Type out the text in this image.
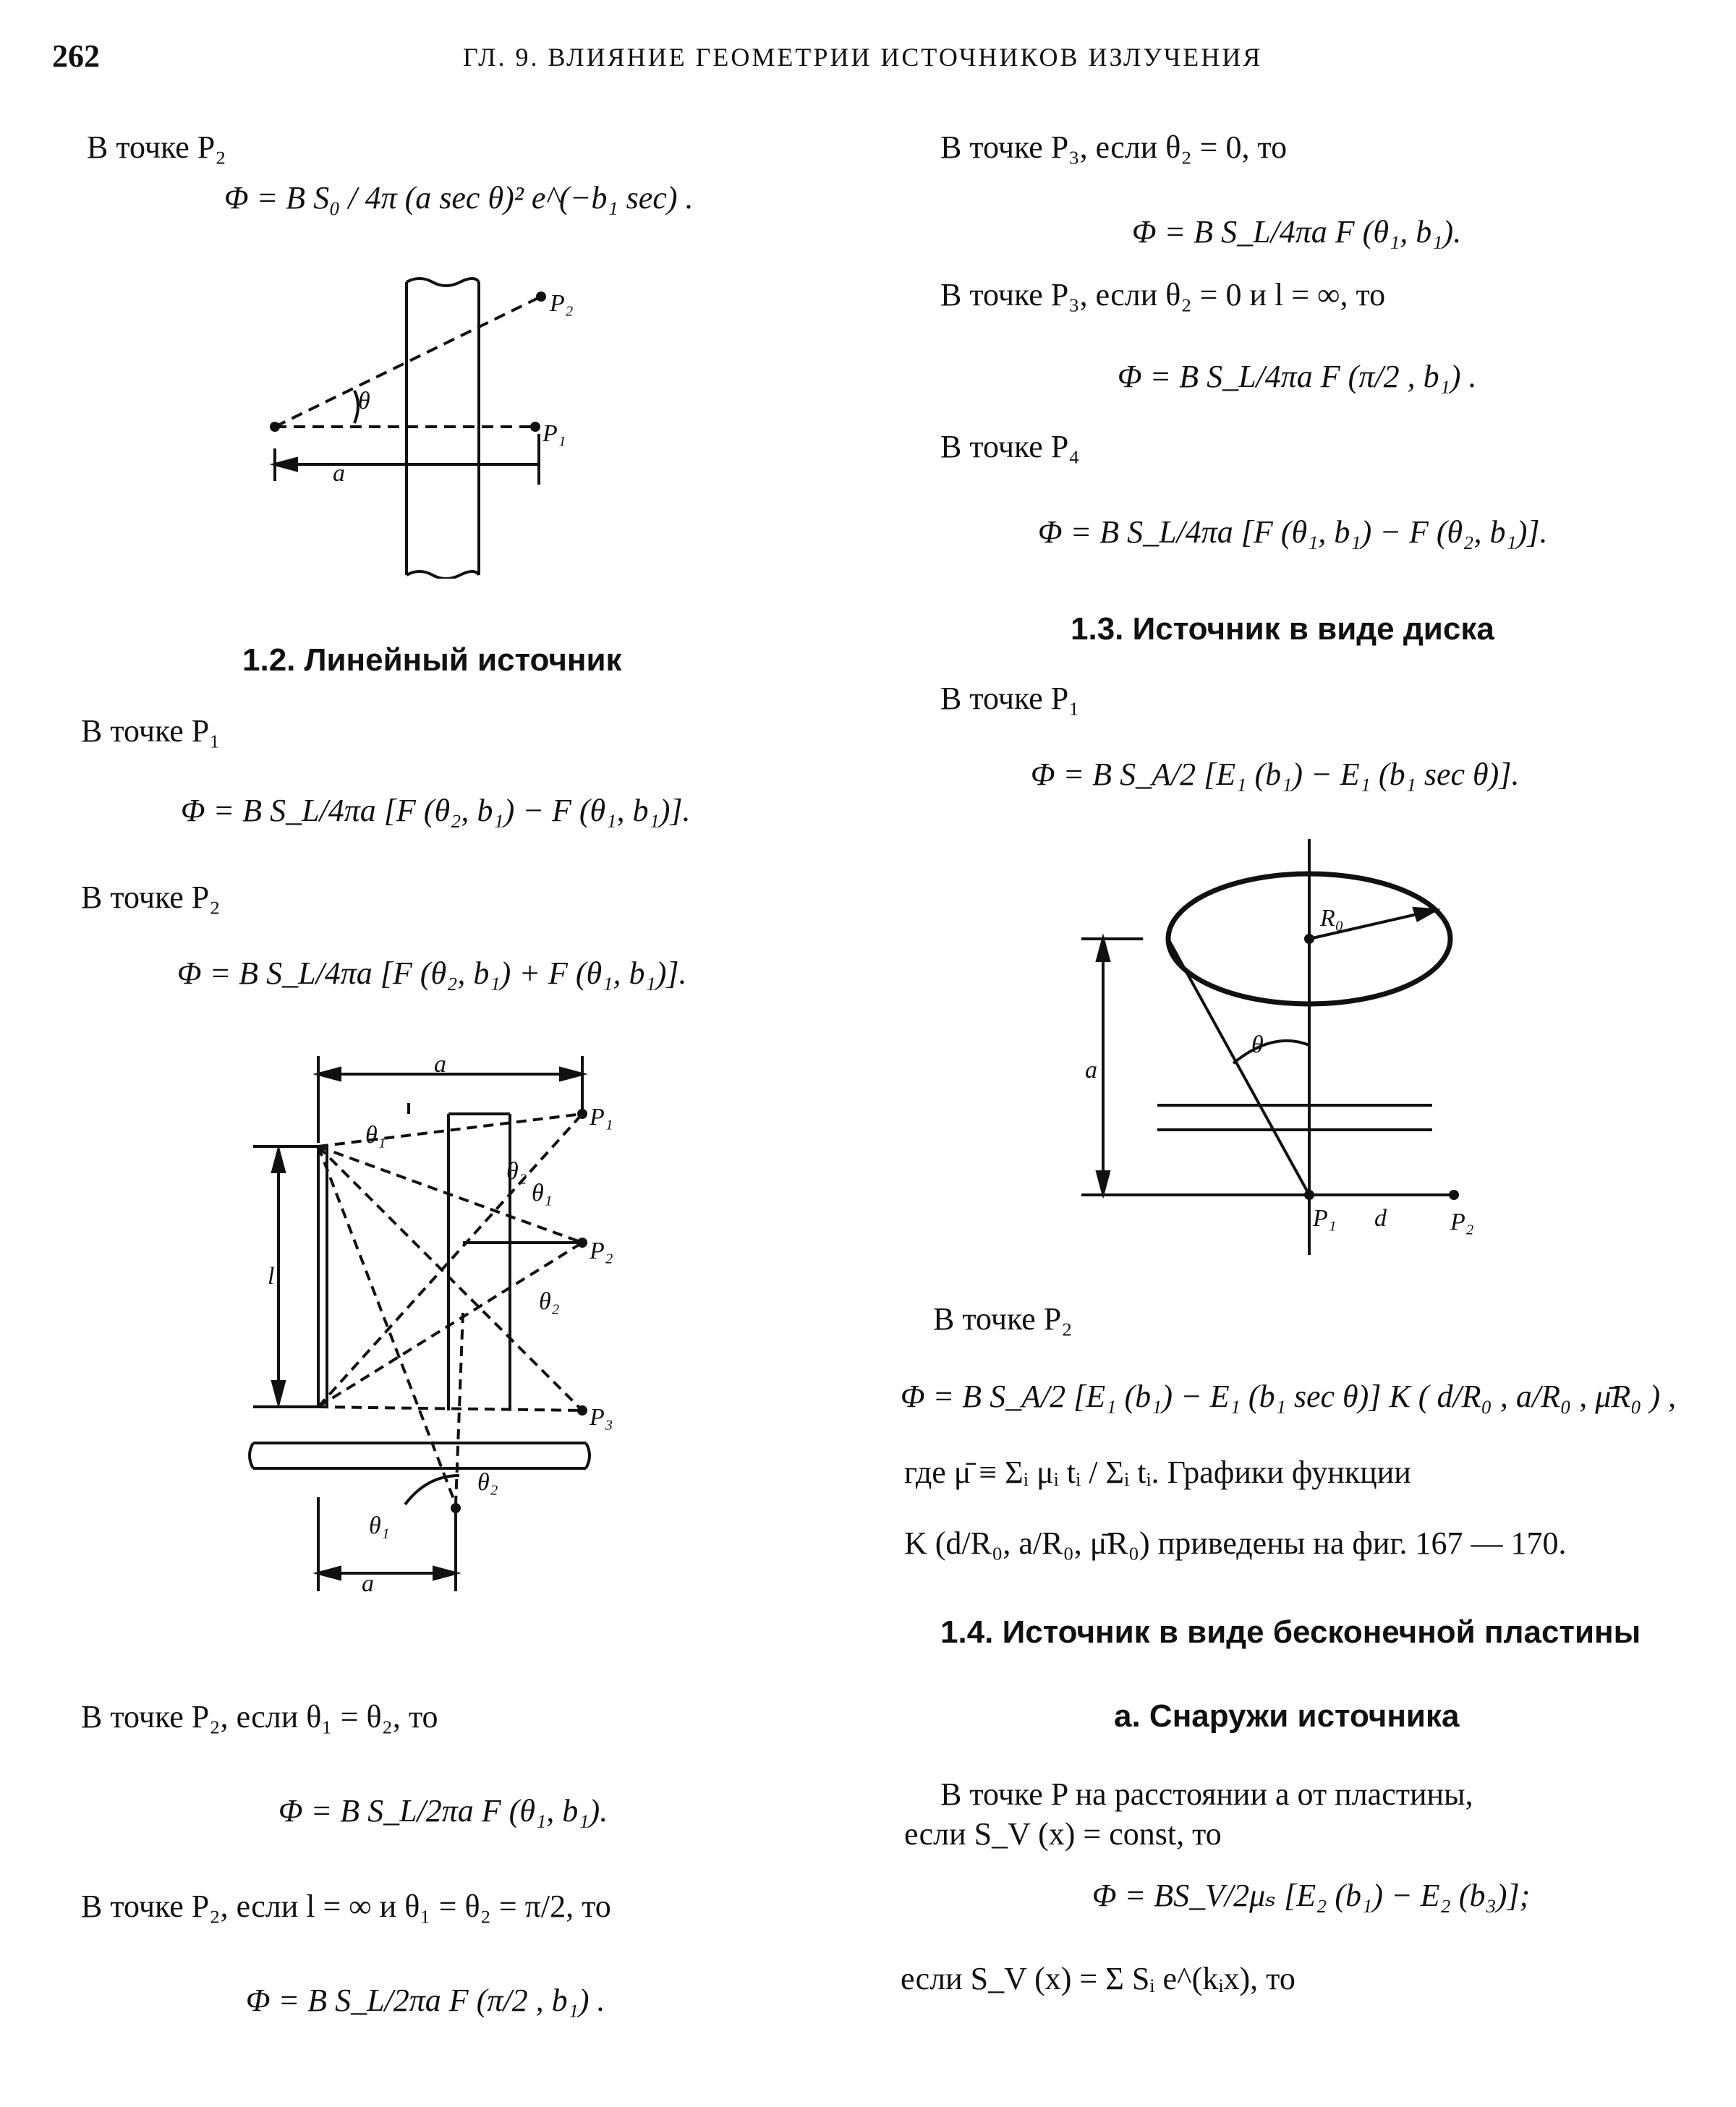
262	ГЛ. 9. ВЛИЯНИЕ ГЕОМЕТРИИ ИСТОЧНИКОВ ИЗЛУЧЕНИЯ
В точке P₂
Φ = B S₀ / 4π (a sec θ)² e^(−b₁ sec) .
θ
a
P₂
P₁
1.2. Линейный источник
В точке P₁
Φ = B S_L/4πa [F (θ₂, b₁) − F (θ₁, b₁)].
В точке P₂
Φ = B S_L/4πa [F (θ₂, b₁) + F (θ₁, b₁)].
a
l
a
θ₁
θ₂
θ₁
θ₂
θ₂
θ₁
P₁
P₂
P₃
В точке P₂, если θ₁ = θ₂, то
Φ = B S_L/2πa F (θ₁, b₁).
В точке P₂, если l = ∞ и θ₁ = θ₂ = π/2, то
Φ = B S_L/2πa F (π/2 , b₁) .
В точке P₃, если θ₂ = 0, то
Φ = B S_L/4πa F (θ₁, b₁).
В точке P₃, если θ₂ = 0 и l = ∞, то
Φ = B S_L/4πa F (π/2 , b₁) .
В точке P₄
Φ = B S_L/4πa [F (θ₁, b₁) − F (θ₂, b₁)].
1.3. Источник в виде диска
В точке P₁
Φ = B S_A/2 [E₁ (b₁) − E₁ (b₁ sec θ)].
R₀
a
θ
P₁ d	P₂
В точке P₂
Φ = B S_A/2 [E₁ (b₁) − E₁ (b₁ sec θ)] K ( d/R₀ , a/R₀ , μ̄R₀ ) ,
где μ̄ ≡ Σᵢ μᵢ tᵢ / Σᵢ tᵢ. Графики функции
K (d/R₀, a/R₀, μ̄R₀) приведены на фиг. 167 — 170.
1.4. Источник в виде бесконечной пластины
а. Снаружи источника
В точке P на расстоянии a от пластины,
если S_V (x) = const, то
Φ = BS_V/2μₛ [E₂ (b₁) − E₂ (b₃)];
если S_V (x) = Σ Sᵢ e^(kᵢx), то
